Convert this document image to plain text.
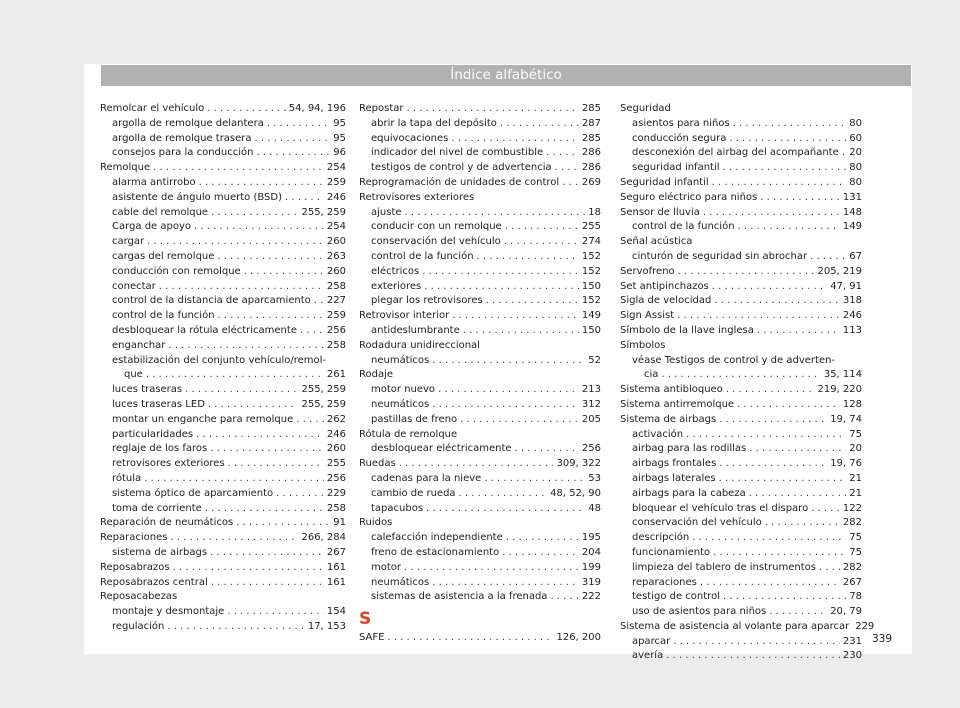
Índice alfabético
Remolcar el vehículo . . .	54, 94, 196
argolla de remolque delantera . . .	95
argolla de remolque trasera . . .	95
consejos para la conducción . . .	96
Remolque . . .	254
alarma antirrobo . . .	259
asistente de ángulo muerto (BSD) . . .	246
cable del remolque . . .	255, 259
Carga de apoyo . . .	254
cargar . . .	260
cargas del remolque . . .	263
conducción con remolque . . .	260
conectar . . .	258
control de la distancia de aparcamiento . . . 227
control de la función . . .	259
desbloquear la rótula eléctricamente . . .	256
enganchar . . .	258
estabilización del conjunto vehículo/remol-
que . . .	261
luces traseras . . .	255, 259
luces traseras LED . . .	255, 259
montar un enganche para remolque . . .	262
particularidades . . .	246
reglaje de los faros . . .	260
retrovisores exteriores . . .	255
rótula . . .	256
sistema óptico de aparcamiento . . .	229
toma de corriente . . .	258
Reparación de neumáticos . . .	91
Reparaciones . . .	266, 284
sistema de airbags . . .	267
Reposabrazos . . .	161
Reposabrazos central . . .	161
Reposacabezas
montaje y desmontaje . . .	154
regulación . . .	17, 153
Repostar . . .	285
abrir la tapa del depósito . . .	287
equivocaciones . . .	285
indicador del nivel de combustible . . .	286
testigos de control y de advertencia . . .	286
Reprogramación de unidades de control . . . 269
Retrovisores exteriores
ajuste . . .	18
conducir con un remolque . . .	255
conservación del vehículo . . .	274
control de la función . . .	152
eléctricos . . .	152
exteriores . . .	150
plegar los retrovisores . . .	152
Retrovisor interior . . .	149
antideslumbrante . . .	150
Rodadura unidireccional
neumáticos . . .	52
Rodaje
motor nuevo . . .	213
neumáticos . . .	312
pastillas de freno . . .	205
Rótula de remolque
desbloquear eléctricamente . . .	256
Ruedas . . .	309, 322
cadenas para la nieve . . .	53
cambio de rueda . . .	48, 52, 90
tapacubos . . .	48
Ruidos
calefacción independiente . . .	195
freno de estacionamiento . . .	204
motor . . .	199
neumáticos . . .	319
sistemas de asistencia a la frenada . . .	222
S
SAFE . . .	126, 200
Seguridad
asientos para niños . . .	80
conducción segura . . .	60
desconexión del airbag del acompañante . . . 20
seguridad infantil . . .	80
Seguridad infantil . . .	80
Seguro eléctrico para niños . . .	131
Sensor de lluvia . . .	148
control de la función . . .	149
Señal acústica
cinturón de seguridad sin abrochar . . .	67
Servofreno . . .	205, 219
Set antipinchazos . . .	47, 91
Sigla de velocidad . . .	318
Sign Assist . . .	246
Símbolo de la llave inglesa . . .	113
Símbolos
véase Testigos de control y de adverten-
cia . . .	35, 114
Sistema antibloqueo . . .	219, 220
Sistema antirremolque . . .	128
Sistema de airbags . . .	19, 74
activación . . .	75
airbag para las rodillas . . .	20
airbags frontales . . .	19, 76
airbags laterales . . .	21
airbags para la cabeza . . .	21
bloquear el vehículo tras el disparo . . .	122
conservación del vehículo . . .	282
descripción . . .	75
funcionamiento . . .	75
limpieza del tablero de instrumentos . . .	282
reparaciones . . .	267
testigo de control . . .	78
uso de asientos para niños . . .	20, 79
Sistema de asistencia al volante para aparcar 229
aparcar . . .	231
avería . . .	230
339
